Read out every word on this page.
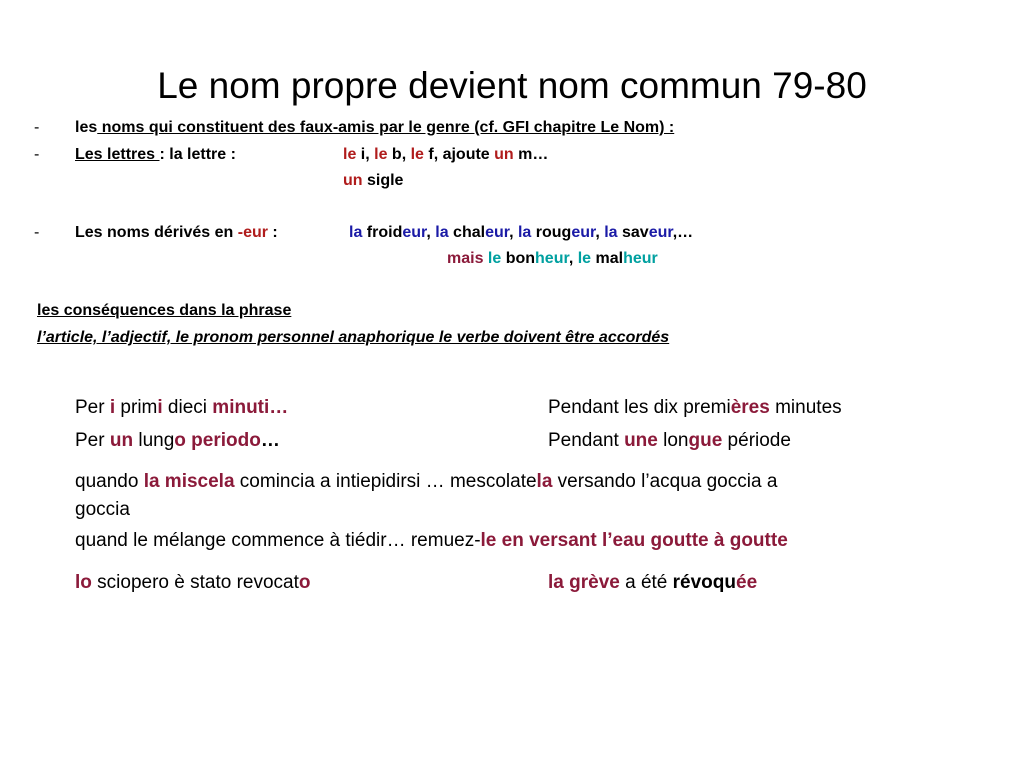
Le nom propre devient nom commun 79-80
- les noms qui constituent des faux-amis par le genre (cf. GFI chapitre Le Nom) :
- Les lettres : la lettre :	le i, le b, le f, ajoute un m…
un sigle
- Les noms dérivés en -eur :	la froideur, la chaleur, la rougeur, la saveur,…
mais le bonheur, le malheur
les conséquences dans la phrase
l’article, l’adjectif, le pronom personnel anaphorique le verbe doivent être accordés
Per i primi dieci minuti…	Pendant les dix premières minutes
Per un lungo periodo…	Pendant une longue période
quando la miscela comincia a intiepidirsi … mescolatela versando l’acqua goccia a
goccia
quand le mélange commence à tiédir… remuez-le en versant l’eau goutte à goutte
lo sciopero è stato revocato	la grève a été révoquée
